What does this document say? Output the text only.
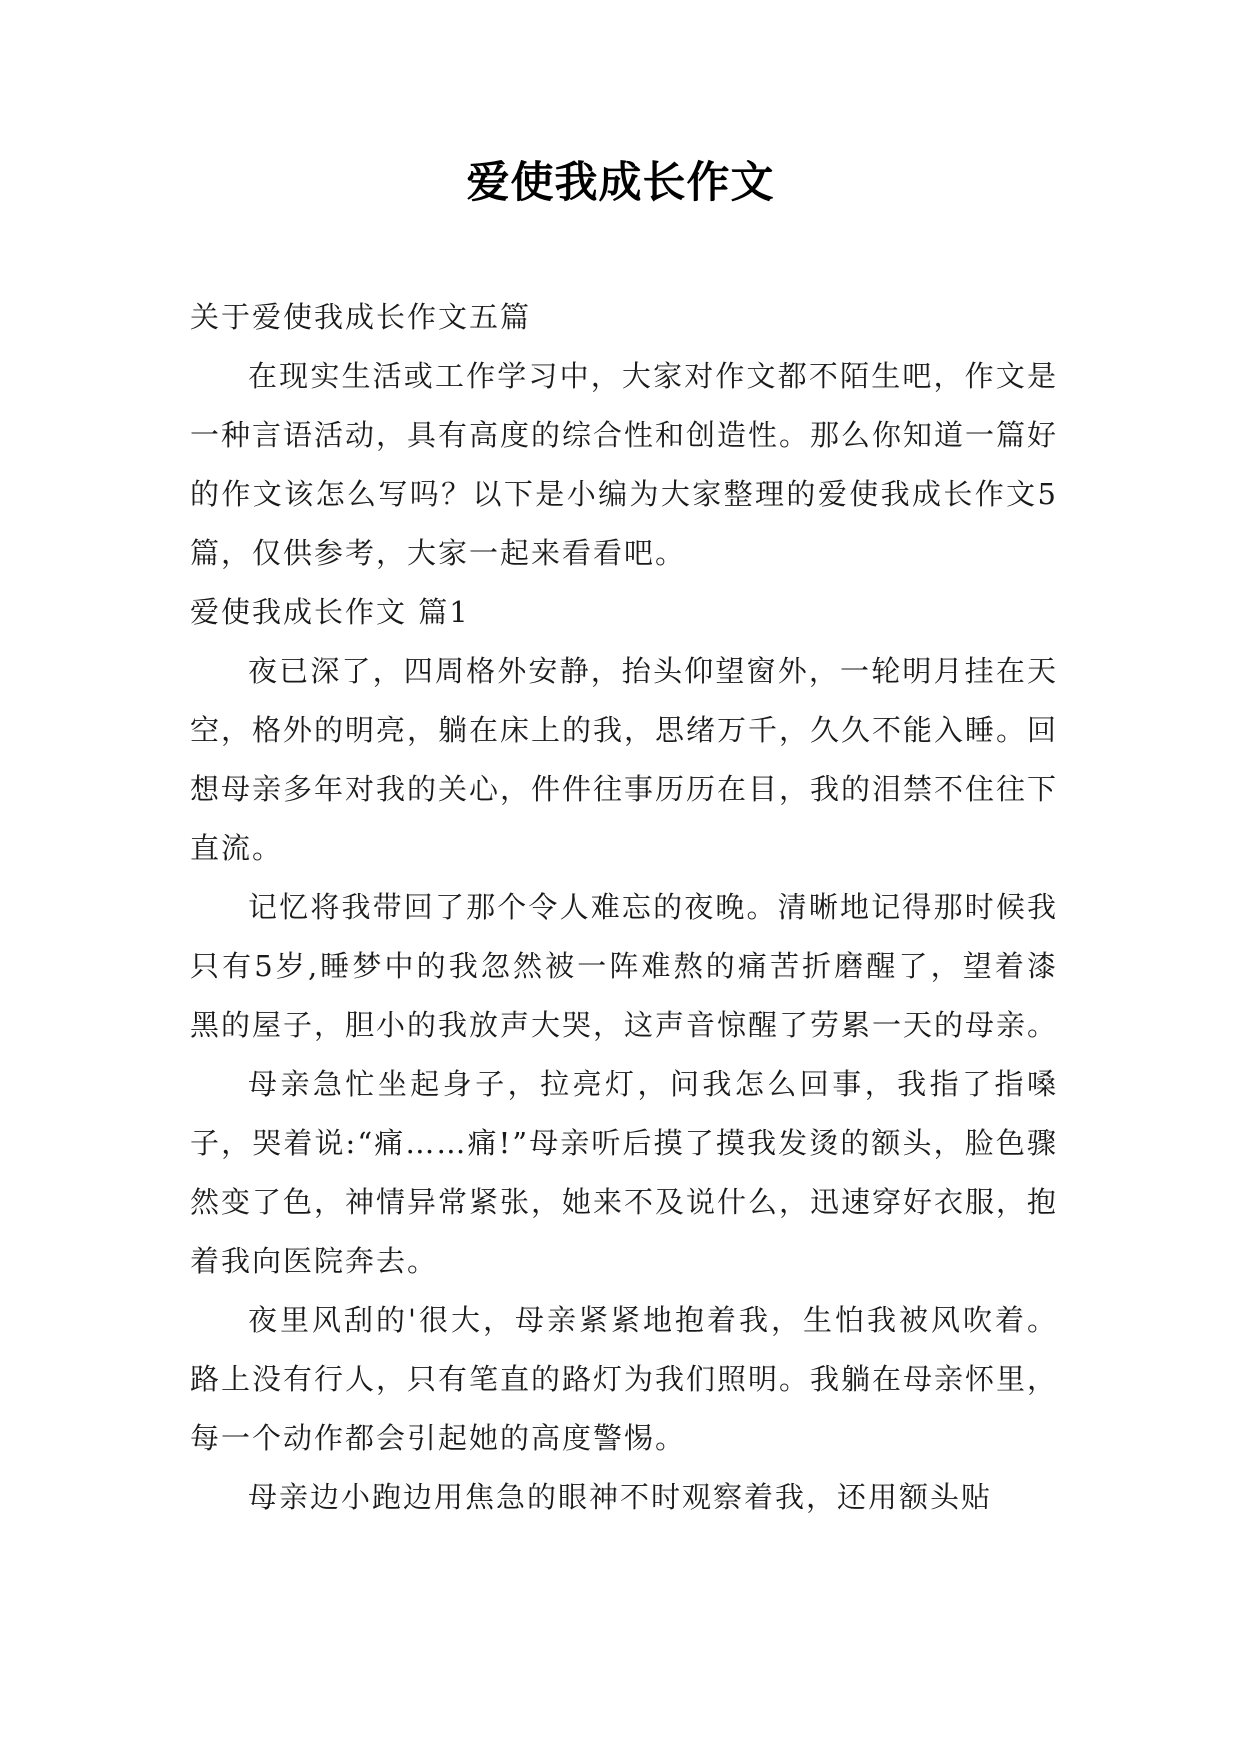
爱使我成长作文

关于爱使我成长作文五篇

在现实生活或工作学习中，大家对作文都不陌生吧，作文是一种言语活动，具有高度的综合性和创造性。那么你知道一篇好的作文该怎么写吗？以下是小编为大家整理的爱使我成长作文5篇，仅供参考，大家一起来看看吧。

爱使我成长作文 篇1

夜已深了，四周格外安静，抬头仰望窗外，一轮明月挂在天空，格外的明亮，躺在床上的我，思绪万千，久久不能入睡。回想母亲多年对我的关心，件件往事历历在目，我的泪禁不住往下直流。

记忆将我带回了那个令人难忘的夜晚。清晰地记得那时候我只有5岁,睡梦中的我忽然被一阵难熬的痛苦折磨醒了，望着漆黑的屋子，胆小的我放声大哭，这声音惊醒了劳累一天的母亲。

母亲急忙坐起身子，拉亮灯，问我怎么回事，我指了指嗓子，哭着说:“痛……痛!”母亲听后摸了摸我发烫的额头，脸色骤然变了色，神情异常紧张，她来不及说什么，迅速穿好衣服，抱着我向医院奔去。

夜里风刮的'很大，母亲紧紧地抱着我，生怕我被风吹着。路上没有行人，只有笔直的路灯为我们照明。我躺在母亲怀里，每一个动作都会引起她的高度警惕。

母亲边小跑边用焦急的眼神不时观察着我，还用额头贴
